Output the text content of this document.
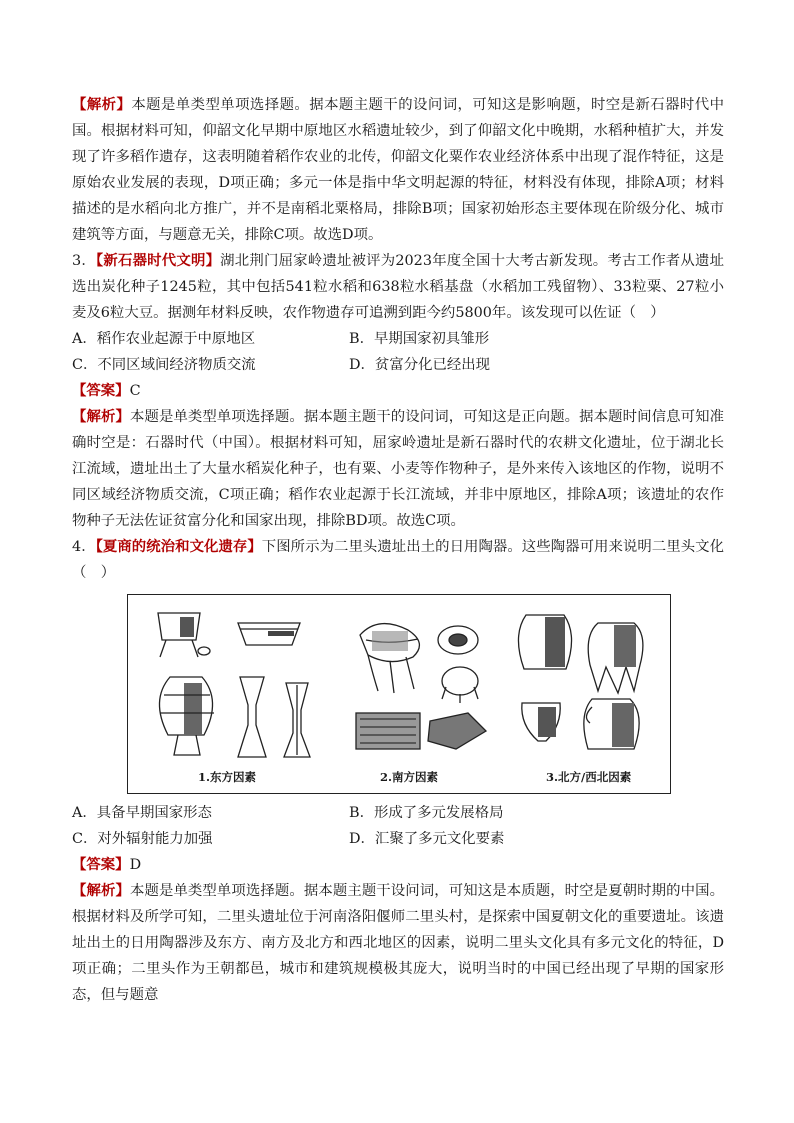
【解析】本题是单类型单项选择题。据本题主题干的设问词，可知这是影响题，时空是新石器时代中国。根据材料可知，仰韶文化早期中原地区水稻遗址较少，到了仰韶文化中晚期，水稻种植扩大，并发现了许多稻作遗存，这表明随着稻作农业的北传，仰韶文化粟作农业经济体系中出现了混作特征，这是原始农业发展的表现，D项正确；多元一体是指中华文明起源的特征，材料没有体现，排除A项；材料描述的是水稻向北方推广，并不是南稻北粟格局，排除B项；国家初始形态主要体现在阶级分化、城市建筑等方面，与题意无关，排除C项。故选D项。

3．【新石器时代文明】湖北荆门屈家岭遗址被评为2023年度全国十大考古新发现。考古工作者从遗址选出炭化种子1245粒，其中包括541粒水稻和638粒水稻基盘（水稻加工残留物）、33粒粟、27粒小麦及6粒大豆。据测年材料反映，农作物遗存可追溯到距今约5800年。该发现可以佐证（　）

A．稻作农业起源于中原地区	B．早期国家初具雏形
C．不同区域间经济物质交流	D．贫富分化已经出现

【答案】C

【解析】本题是单类型单项选择题。据本题主题干的设问词，可知这是正向题。据本题时间信息可知准确时空是：石器时代（中国）。根据材料可知，屈家岭遗址是新石器时代的农耕文化遗址，位于湖北长江流域，遗址出土了大量水稻炭化种子，也有粟、小麦等作物种子，是外来传入该地区的作物，说明不同区域经济物质交流，C项正确；稻作农业起源于长江流域，并非中原地区，排除A项；该遗址的农作物种子无法佐证贫富分化和国家出现，排除BD项。故选C项。

4．【夏商的统治和文化遗存】下图所示为二里头遗址出土的日用陶器。这些陶器可用来说明二里头文化（　）

1.东方因素	2.南方因素	3.北方/西北因素
A．具备早期国家形态	B．形成了多元发展格局
C．对外辐射能力加强	D．汇聚了多元文化要素

【答案】D

【解析】本题是单类型单项选择题。据本题主题干设问词，可知这是本质题，时空是夏朝时期的中国。根据材料及所学可知，二里头遗址位于河南洛阳偃师二里头村，是探索中国夏朝文化的重要遗址。该遗址出土的日用陶器涉及东方、南方及北方和西北地区的因素，说明二里头文化具有多元文化的特征，D项正确；二里头作为王朝都邑，城市和建筑规模极其庞大，说明当时的中国已经出现了早期的国家形态，但与题意
